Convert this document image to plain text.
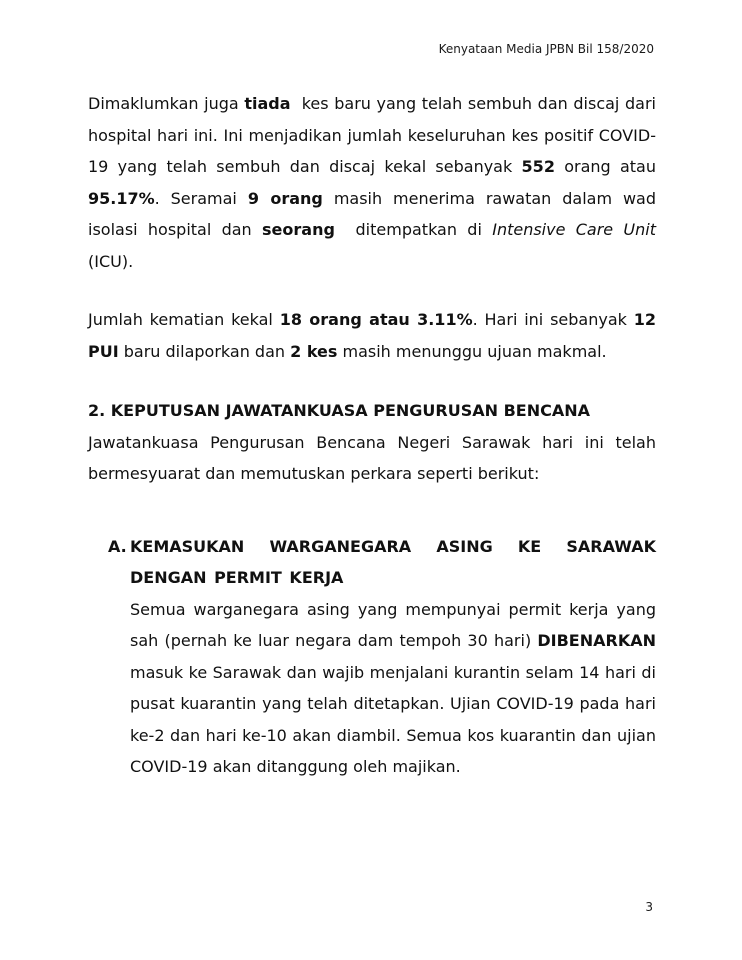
Kenyataan Media JPBN Bil 158/2020

Dimaklumkan juga tiada  kes baru yang telah sembuh dan discaj dari hospital hari ini. Ini menjadikan jumlah keseluruhan kes positif COVID-19 yang telah sembuh dan discaj kekal sebanyak 552 orang atau 95.17%. Seramai 9 orang masih menerima rawatan dalam wad isolasi hospital dan seorang  ditempatkan di Intensive Care Unit (ICU).

Jumlah kematian kekal 18 orang atau 3.11%. Hari ini sebanyak 12 PUI baru dilaporkan dan 2 kes masih menunggu ujuan makmal.

2. KEPUTUSAN JAWATANKUASA PENGURUSAN BENCANA

Jawatankuasa Pengurusan Bencana Negeri Sarawak hari ini telah bermesyuarat dan memutuskan perkara seperti berikut:

A. KEMASUKAN WARGANEGARA ASING KE SARAWAK DENGAN PERMIT KERJA

Semua warganegara asing yang mempunyai permit kerja yang sah (pernah ke luar negara dam tempoh 30 hari) DIBENARKAN masuk ke Sarawak dan wajib menjalani kurantin selam 14 hari di pusat kuarantin yang telah ditetapkan. Ujian COVID-19 pada hari ke-2 dan hari ke-10 akan diambil. Semua kos kuarantin dan ujian COVID-19 akan ditanggung oleh majikan.

3
